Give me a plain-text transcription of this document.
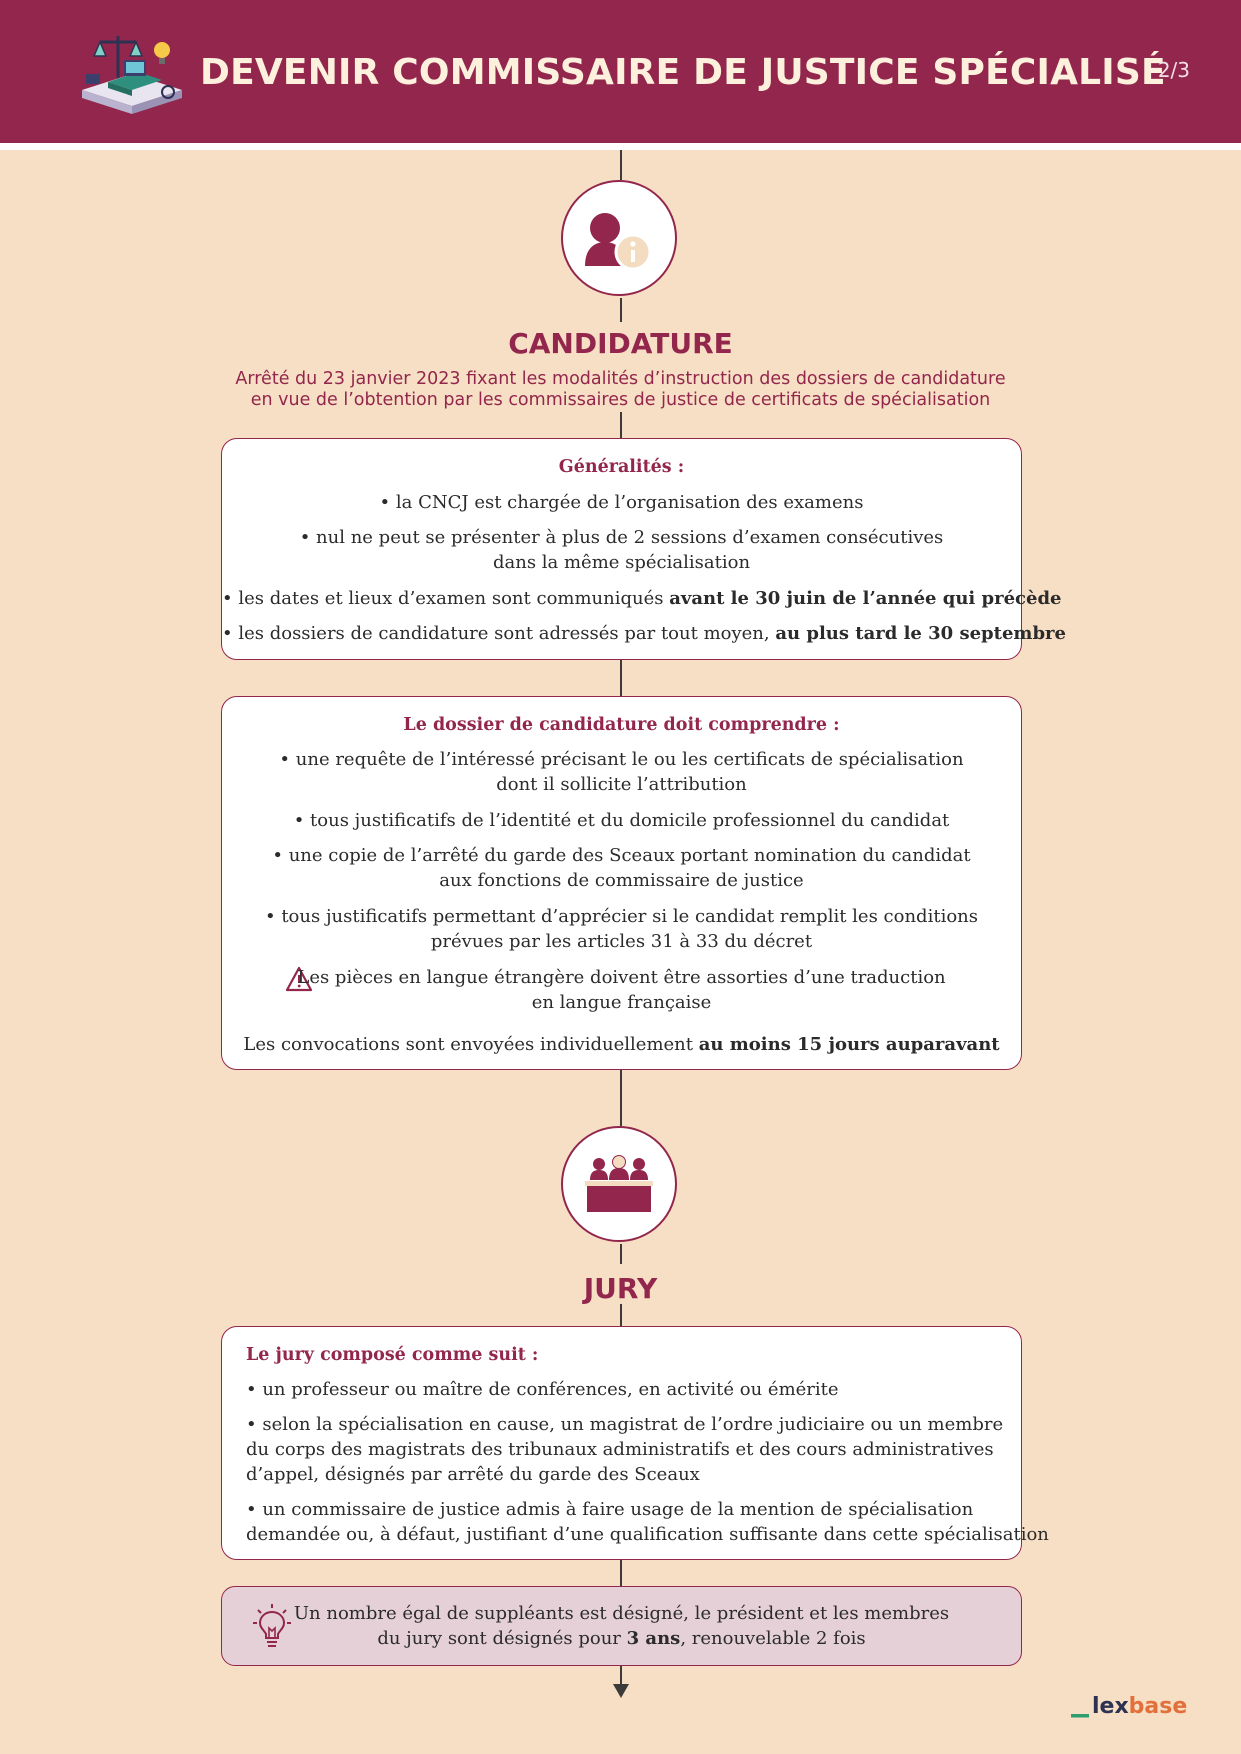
DEVENIR COMMISSAIRE DE JUSTICE SPÉCIALISÉ
2/3
CANDIDATURE
Arrêté du 23 janvier 2023 fixant les modalités d’instruction des dossiers de candidature
en vue de l’obtention par les commissaires de justice de certificats de spécialisation
Généralités :
• la CNCJ est chargée de l’organisation des examens
• nul ne peut se présenter à plus de 2 sessions d’examen consécutives
dans la même spécialisation
• les dates et lieux d’examen sont communiqués avant le 30 juin de l’année qui précède
• les dossiers de candidature sont adressés par tout moyen, au plus tard le 30 septembre
Le dossier de candidature doit comprendre :
• une requête de l’intéressé précisant le ou les certificats de spécialisation
dont il sollicite l’attribution
• tous justificatifs de l’identité et du domicile professionnel du candidat
• une copie de l’arrêté du garde des Sceaux portant nomination du candidat
aux fonctions de commissaire de justice
• tous justificatifs permettant d’apprécier si le candidat remplit les conditions
prévues par les articles 31 à 33 du décret
Les pièces en langue étrangère doivent être assorties d’une traduction
en langue française
Les convocations sont envoyées individuellement au moins 15 jours auparavant
JURY
Le jury composé comme suit :
• un professeur ou maître de conférences, en activité ou émérite
• selon la spécialisation en cause, un magistrat de l’ordre judiciaire ou un membre
du corps des magistrats des tribunaux administratifs et des cours administratives
d’appel, désignés par arrêté du garde des Sceaux
• un commissaire de justice admis à faire usage de la mention de spécialisation
demandée ou, à défaut, justifiant d’une qualification suffisante dans cette spécialisation
Un nombre égal de suppléants est désigné, le président et les membres
du jury sont désignés pour 3 ans, renouvelable 2 fois
lexbase
